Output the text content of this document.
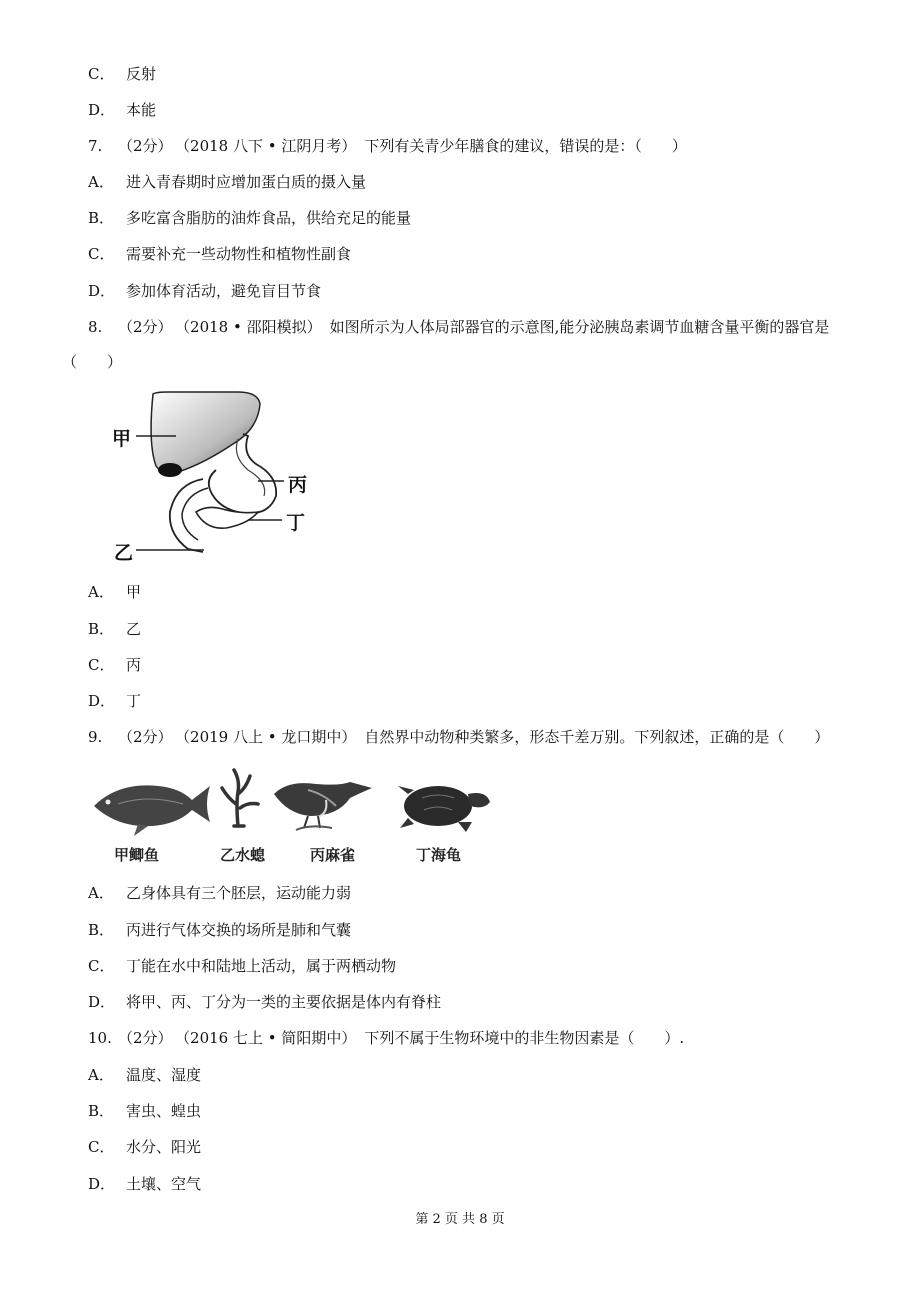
C． 反射
D． 本能
7. （2分） （2018 八下 • 江阴月考） 下列有关青少年膳食的建议，错误的是：（　　）
A． 进入青春期时应增加蛋白质的摄入量
B． 多吃富含脂肪的油炸食品，供给充足的能量
C． 需要补充一些动物性和植物性副食
D． 参加体育活动，避免盲目节食
8. （2分） （2018 • 邵阳模拟） 如图所示为人体局部器官的示意图,能分泌胰岛素调节血糖含量平衡的器官是
（　　）
甲
丙
丁
乙
A． 甲
B． 乙
C． 丙
D． 丁
9. （2分） （2019 八上 • 龙口期中） 自然界中动物种类繁多，形态千差万别。下列叙述，正确的是（　　）
甲鲫鱼	乙水螅	丙麻雀	丁海龟
A． 乙身体具有三个胚层，运动能力弱
B． 丙进行气体交换的场所是肺和气囊
C． 丁能在水中和陆地上活动，属于两栖动物
D． 将甲、丙、丁分为一类的主要依据是体内有脊柱
10. （2分） （2016 七上 • 简阳期中） 下列不属于生物环境中的非生物因素是（　　）.
A． 温度、湿度
B． 害虫、蝗虫
C． 水分、阳光
D． 土壤、空气
第 2 页 共 8 页
